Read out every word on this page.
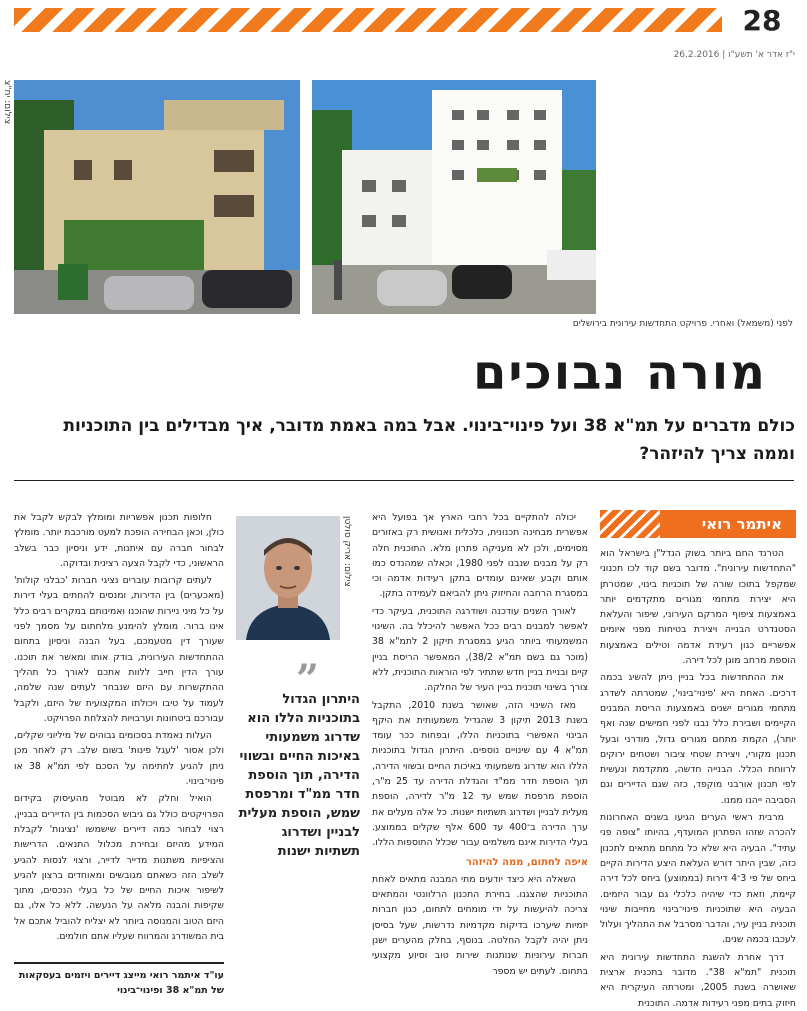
28
י"ז אדר א' תשע"ו | 26.2.2016
צילום: יח"צ
לפני (משמאל) ואחרי. פרויקט התחדשות עירונית בירושלים
מורה נבוכים
כולם מדברים על תמ"א 38 ועל פינוי־בינוי. אבל במה באמת מדובר, איך מבדילים בין התוכניות וממה צריך להיזהר?
איתמר רואי

הטרנד החם ביותר בשוק הנדל"ן בישראל הוא "התחדשות עירונית". מדובר בשם קוד לכו תכנוני שמקפל בתוכו שורה של תוכניות בינוי, שמטרתן היא יצירת מתחמי מגורים מתקדמים יותר באמצעות ציפוף המרקם העירוני, שיפור והעלאת הסטנדרט הבנייה ויצירת בטיחות מפני איומים אפשריים כגון רעידת אדמה וטילים באמצעות הוספת מרחב מוגן לכל דירה.

את ההתחדשות בכל בניין ניתן להשיג בכמה דרכים. האחת היא 'פינוי־בינוי', שמטרתה לשדרג מתחמי מגורים ישנים באמצעות הריסת המבנים הקיימים ושבירת כלל נבנו לפני חמישים שנה ואף יותר), הקמת מתחם מגורים גדול, מודרני ובעל תכנון מקורי, ויצירת שטחי ציבור ושטחים ירוקים לרווחת הכלל. הבנייה חדשה, מתקדמת ונעשית לפי תכנון אורבני מוקפד, כזה שגם הדיירים וגם הסביבה ייהנו ממנו.

מרבית ראשי הערים הגיעו בשנים האחרונות להכרה שזהו הפתרון המועדף, בהיותו "צופה פני עתיד". הבעיה היא שלא כל מתחם מתאים לתכנון כזה, שבין היתר דורש העלאת היצע הדירות הקיים ביחס של פי 3־4 דירות (בממוצע) ביחס לכל דירה קיימת, וזאת כדי שיהיה כלכלי גם עבור היזמים. הבעיה היא שתוכניות פינוי־בינוי מחייבות שינוי תוכנית בניין עיר, והדבר מסרבל את התהליך ועלול לעכבו בכמה שנים.

דרך אחרת להשגת התחדשות עירונית היא תוכנית "תמ"א 38". מדובר בתכנית ארצית שאושרה בשנת 2005, ומטרתה העיקרית היא חיזוק בתים מפני רעידות אדמה. התוכנית

יכולה להתקיים בכל רחבי הארץ אך בפועל היא אפשרית מבחינה תכנונית, כלכלית ואנושית רק באזורים מסוימים, ולכן לא מעניקה פתרון מלא. התוכנית חלה רק על מבנים שנבנו לפני 1980, וכאלה שמהנדס כמו אותם וקבע שאינם עומדים בתקן רעידות אדמה וכי במסגרת הרחבה והחיזוק ניתן להביאם לעמידה בתקן.

לאורך השנים עודכנה ושודרגה התוכנית, בעיקר כדי לאפשר למבנים רבים ככל האפשר להיכלל בה. השינוי המשמעותי ביותר הגיע במסגרת תיקון 2 לתמ"א 38 (מוכר גם בשם תמ"א 38/2), המאפשר הריסת בניין קיים ובניית בניין חדש שתתיר לפי הוראות התוכנית, ללא צורך בשינוי תוכנית בניין העיר של החלקה.

מאז השינוי הזה, שאושר בשנת 2010, התקבל בשנת 2013 תיקון 3 שהגדיל משמעותית את היקף הבינוי האפשרי בתוכניות הללו, ובפחות ככר עומד תמ"א 4 עם שינויים נוספים. היתרון הגדול בתוכניות הללו הוא שדרוג משמעותי באיכות החיים ובשווי הדירה, תוך הוספת חדר ממ"ד והגדלת הדירה עד 25 מ"ר, הוספת מרפסת שמש עד 12 מ"ר לדירה, הוספת מעלית לבניין ושדרוג תשתיות ישנות. כל אלה מעלים את ערך הדירה ב־400 עד 600 אלף שקלים בממוצע. בעלי הדירות אינם משלמים עבור שכלל התוספות הללו.

איפה לחתום, ממה להיזהר

השאלה היא כיצד יודעים מתי המבנה מתאים לאחת התוכניות שהצגנו. בחירת התכנון הרלוונטי והמתאים צריכה להיעשות על ידי מומחים לתחום, כגון חברות יזמיות שיערכו בדיקות מקדמיות נדרשות, שעל בסיסן ניתן יהיה לקבל החלטה. בנוסף, בחלק מהערים ישנן חברות עירוניות שנותנות שירות טוב וסיוע מקצועי בתחום. לעתים יש מספר

צילום: אריק סולטן
”
היתרון הגדול בתוכניות הללו הוא שדרוג משמעותי באיכות החיים ובשווי הדירה, תוך הוספת חדר ממ"ד ומרפסת שמש, הוספת מעלית לבניין ושדרוג תשתיות ישנות

חלופות תכנון אפשריות ומומלץ לבקש לקבל את כולן, וכאן הבחירה הופכת למעט מורכבת יותר. מומלץ לבחור חברה עם איתנות, ידע וניסיון כבר בשלב הראשוני, כדי לקבל הצעה רצינית ובדוקה.

לעתים קרובות עוברים נציגי חברות 'כבלני קולות' (מאכערים) בין הדירות, ומנסים להחתים בעלי דירות על כל מיני ניירות שהוכנו ואמינותם במקרים רבים כלל אינו ברור. מומלץ להימנע מלחתום על מסמך לפני שעורך דין מטעמכם, בעל הבנה וניסיון בתחום ההתחדשות העירונית, בודק אותו ומאשר את תוכנו. עורך הדין חייב ללוות אתכם לאורך כל תהליך ההתקשרות עם היזם שנבחר לעתים שנה שלמה, לעמוד על טיבו ויכולתו המקצועית של היזם, ולקבל עבורכם ביטחונות וערבויות להצלחת הפרויקט.

העלות נאמדת בסכומים גבוהים של מיליוני שקלים, ולכן אסור 'לעגל פינות' בשום שלב. רק לאחר מכן ניתן להגיע לחתימה על הסכם לפי תמ"א 38 או פינוי־בינוי.

הואיל וחלק לא מבוטל מהעיסוק בקידום הפרויקטים כולל גם גיבוש הסכמות בין הדיירים בבניין, רצוי לבחור כמה דיירים שישמשו 'נציגות' לקבלת המידע מהיזם ובחירת מכלול התנאים. הדרישות והציפיות משתנות מדייר לדייר, ורצוי לנסות להגיע לשלב הזה כשאתם מגובשים ומאוחדים ברצון להגיע לשיפור איכות החיים של כל בעלי הנכסים, מתוך שקיפות והבנה מלאה על הנעשה. ללא כל אלו, גם היזם הטוב והמנוסה ביותר לא יצליח להוביל אתכם אל בית המשודרג והמרווח שעליו אתם חולמים.

עו"ד איתמר רואי מייצג דיירים ויזמים בעסקאות של תמ"א 38 ופינוי־בינוי
